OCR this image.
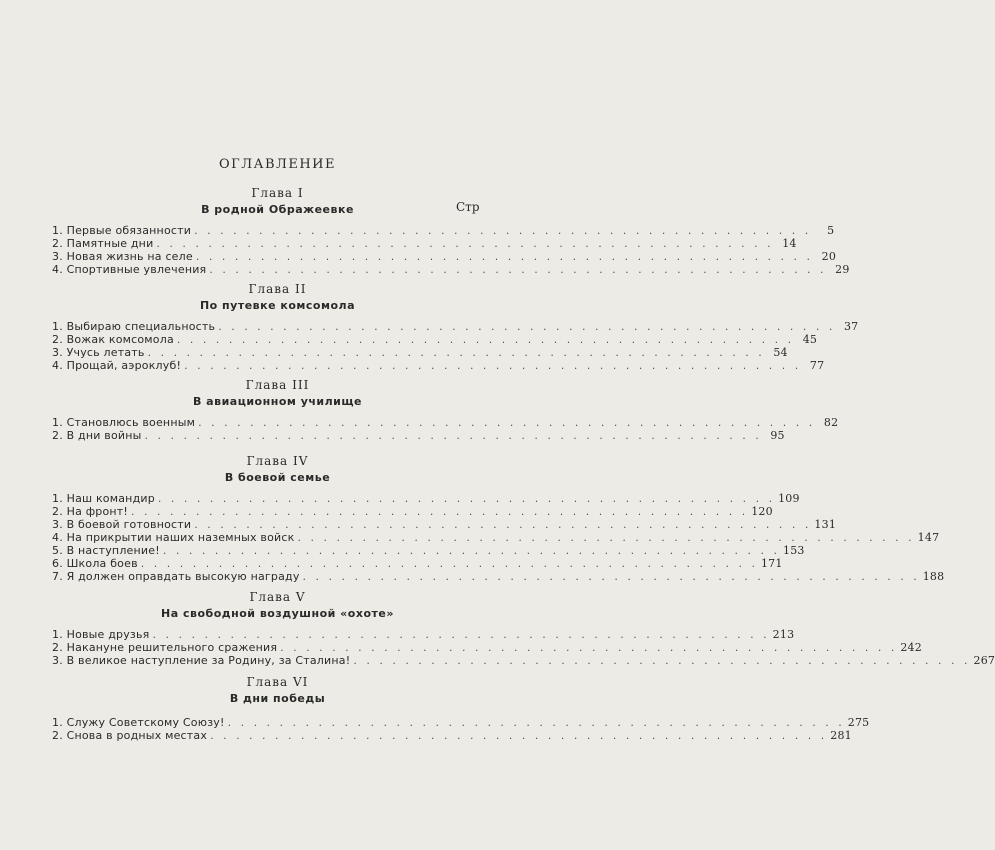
ОГЛАВЛЕНИЕ
Стр
Глава I
В родной Ображеевке
1. Первые обязанности . . . . . . . . . . . . . . . . . . . . . . . . . . . . . . . . . . . . . . . . . . . . . . . .	5
2. Памятные дни . . . . . . . . . . . . . . . . . . . . . . . . . . . . . . . . . . . . . . . . . . . . . . . . 14
3. Новая жизнь на селе . . . . . . . . . . . . . . . . . . . . . . . . . . . . . . . . . . . . . . . . . . . . . . . . 20
4. Спортивные увлечения . . . . . . . . . . . . . . . . . . . . . . . . . . . . . . . . . . . . . . . . . . . . . . . . 29
Глава II
По путевке комсомола
1. Выбираю специальность . . . . . . . . . . . . . . . . . . . . . . . . . . . . . . . . . . . . . . . . . . . . . . . . 37
2. Вожак комсомола . . . . . . . . . . . . . . . . . . . . . . . . . . . . . . . . . . . . . . . . . . . . . . . . 45
3. Учусь летать . . . . . . . . . . . . . . . . . . . . . . . . . . . . . . . . . . . . . . . . . . . . . . . . 54
4. Прощай, аэроклуб! . . . . . . . . . . . . . . . . . . . . . . . . . . . . . . . . . . . . . . . . . . . . . . . . 77
Глава III
В авиационном училище
1. Становлюсь военным . . . . . . . . . . . . . . . . . . . . . . . . . . . . . . . . . . . . . . . . . . . . . . . . 82
2. В дни войны . . . . . . . . . . . . . . . . . . . . . . . . . . . . . . . . . . . . . . . . . . . . . . . . 95
Глава IV
В боевой семье
1. Наш командир . . . . . . . . . . . . . . . . . . . . . . . . . . . . . . . . . . . . . . . . . . . . . . . . 109
2. На фронт! . . . . . . . . . . . . . . . . . . . . . . . . . . . . . . . . . . . . . . . . . . . . . . . . 120
3. В боевой готовности . . . . . . . . . . . . . . . . . . . . . . . . . . . . . . . . . . . . . . . . . . . . . . . . 131
4. На прикрытии наших наземных войск . . . . . . . . . . . . . . . . . . . . . . . . . . . . . . . . . . . . . . . . . . . . . . . . 147
5. В наступление! . . . . . . . . . . . . . . . . . . . . . . . . . . . . . . . . . . . . . . . . . . . . . . . . 153
6. Школа боев . . . . . . . . . . . . . . . . . . . . . . . . . . . . . . . . . . . . . . . . . . . . . . . . 171
7. Я должен оправдать высокую награду . . . . . . . . . . . . . . . . . . . . . . . . . . . . . . . . . . . . . . . . . . . . . . . . 188
Глава V
На свободной воздушной «охоте»
1. Новые друзья . . . . . . . . . . . . . . . . . . . . . . . . . . . . . . . . . . . . . . . . . . . . . . . . 213
2. Накануне решительного сражения . . . . . . . . . . . . . . . . . . . . . . . . . . . . . . . . . . . . . . . . . . . . . . . . 242
3. В великое наступление за Родину, за Сталина! . . . . . . . . . . . . . . . . . . . . . . . . . . . . . . . . . . . . . . . . . . . . . . . . 267
Глава VI
В дни победы
1. Служу Советскому Союзу! . . . . . . . . . . . . . . . . . . . . . . . . . . . . . . . . . . . . . . . . . . . . . . . . 275
2. Снова в родных местах . . . . . . . . . . . . . . . . . . . . . . . . . . . . . . . . . . . . . . . . . . . . . . . . 281
